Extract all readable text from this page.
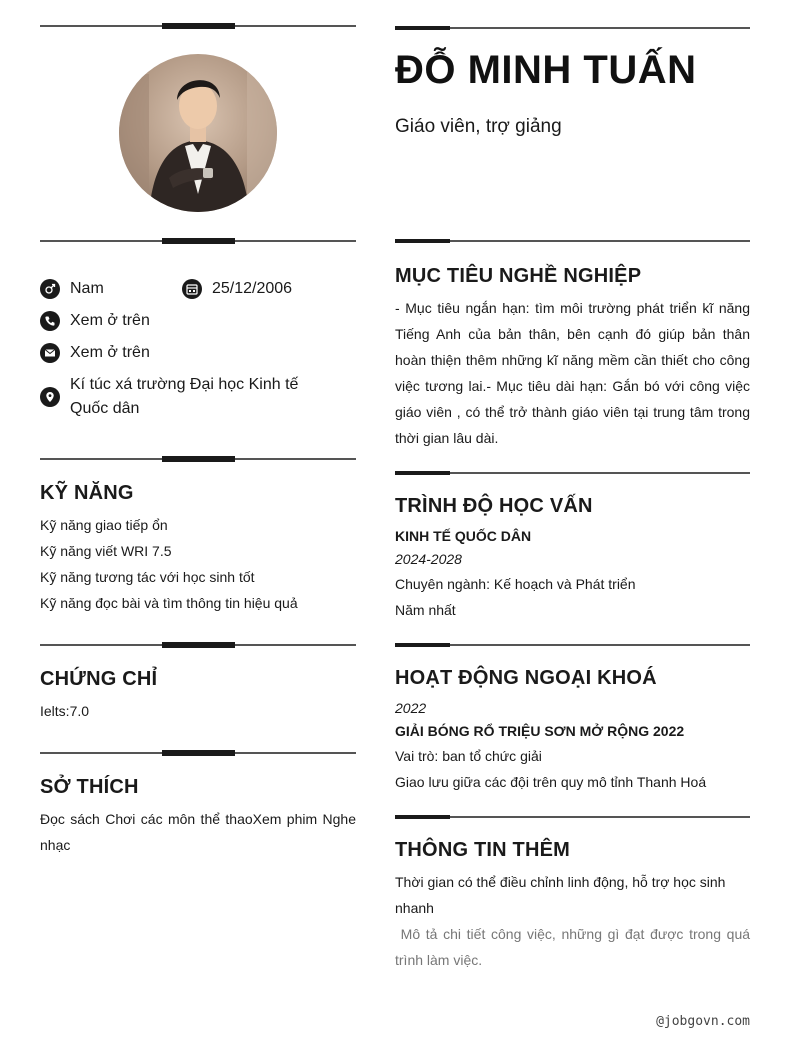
Nam	25/12/2006
Xem ở trên
Xem ở trên
Kí túc xá trường Đại học Kinh tế Quốc dân
KỸ NĂNG
Kỹ năng giao tiếp ổn
Kỹ năng viết WRI 7.5
Kỹ năng tương tác với học sinh tốt
Kỹ năng đọc bài và tìm thông tin hiệu quả
CHỨNG CHỈ
Ielts:7.0
SỞ THÍCH
Đọc sách Chơi các môn thể thaoXem phim Nghe nhạc
ĐỖ MINH TUẤN
Giáo viên, trợ giảng
MỤC TIÊU NGHỀ NGHIỆP
- Mục tiêu ngắn hạn: tìm môi trường phát triển kĩ năng Tiếng Anh của bản thân, bên cạnh đó giúp bản thân hoàn thiện thêm những kĩ năng mềm cần thiết cho công việc tương lai.- Mục tiêu dài hạn: Gắn bó với công việc giáo viên , có thể trở thành giáo viên tại trung tâm trong thời gian lâu dài.
TRÌNH ĐỘ HỌC VẤN
KINH TẾ QUỐC DÂN
2024-2028
Chuyên ngành: Kế hoạch và Phát triển
Năm nhất
HOẠT ĐỘNG NGOẠI KHOÁ
2022
GIẢI BÓNG RỔ TRIỆU SƠN MỞ RỘNG 2022
Vai trò: ban tổ chức giải
Giao lưu giữa các đội trên quy mô tỉnh Thanh Hoá
THÔNG TIN THÊM
Thời gian có thể điều chỉnh linh động, hỗ trợ học sinh nhanh
Mô tả chi tiết công việc, những gì đạt được trong quá trình làm việc.
@jobgovn.com
